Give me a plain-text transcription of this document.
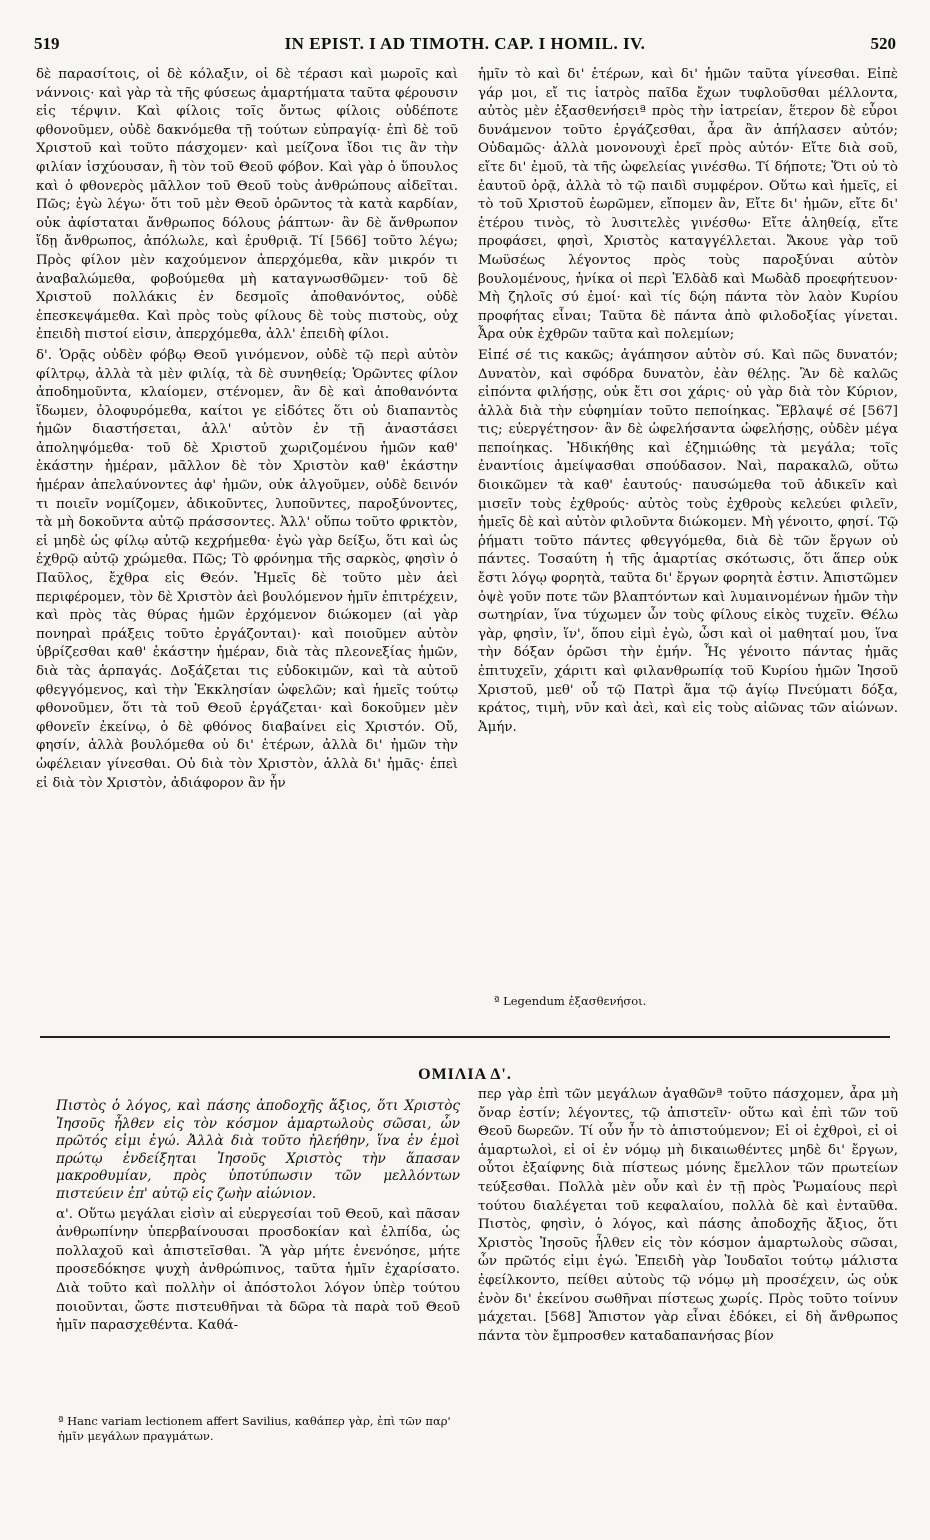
519	IN EPIST. I AD TIMOTH. CAP. I HOMIL. IV.	520

δὲ παρασίτοις, οἱ δὲ κόλαξιν, οἱ δὲ τέρασι καὶ μωροῖς καὶ νάννοις· καὶ γὰρ τὰ τῆς φύσεως ἁμαρτήματα ταῦτα φέρουσιν εἰς τέρψιν. Καὶ φίλοις τοῖς ὄντως φίλοις οὐδέποτε φθονοῦμεν, οὐδὲ δακνόμεθα τῇ τούτων εὐπραγίᾳ· ἐπὶ δὲ τοῦ Χριστοῦ καὶ τοῦτο πάσχομεν· καὶ μείζονα ἴδοι τις ἂν τὴν φιλίαν ἰσχύουσαν, ἢ τὸν τοῦ Θεοῦ φόβον. Καὶ γὰρ ὁ ὕπουλος καὶ ὁ φθονερὸς μᾶλλον τοῦ Θεοῦ τοὺς ἀνθρώπους αἰδεῖται. Πῶς; ἐγὼ λέγω· ὅτι τοῦ μὲν Θεοῦ ὁρῶντος τὰ κατὰ καρδίαν, οὐκ ἀφίσταται ἄνθρωπος δόλους ῥάπτων· ἂν δὲ ἄνθρωπον ἴδῃ ἄνθρωπος, ἀπόλωλε, καὶ ἐρυθριᾷ. Τί [566] τοῦτο λέγω; Πρὸς φίλον μὲν καχούμενον ἀπερχόμεθα, κἂν μικρόν τι ἀναβαλώμεθα, φοβούμεθα μὴ καταγνωσθῶμεν· τοῦ δὲ Χριστοῦ πολλάκις ἐν δεσμοῖς ἀποθανόντος, οὐδὲ ἐπεσκεψάμεθα. Καὶ πρὸς τοὺς φίλους δὲ τοὺς πιστοὺς, οὐχ ἐπειδὴ πιστοί εἰσιν, ἀπερχόμεθα, ἀλλ' ἐπειδὴ φίλοι.

δ'. Ὁρᾷς οὐδὲν φόβῳ Θεοῦ γινόμενον, οὐδὲ τῷ περὶ αὐτὸν φίλτρῳ, ἀλλὰ τὰ μὲν φιλίᾳ, τὰ δὲ συνηθείᾳ; Ὁρῶντες φίλον ἀποδημοῦντα, κλαίομεν, στένομεν, ἂν δὲ καὶ ἀποθανόντα ἴδωμεν, ὀλοφυρόμεθα, καίτοι γε εἰδότες ὅτι οὐ διαπαντὸς ἡμῶν διαστήσεται, ἀλλ' αὐτὸν ἐν τῇ ἀναστάσει ἀποληψόμεθα· τοῦ δὲ Χριστοῦ χωριζομένου ἡμῶν καθ' ἑκάστην ἡμέραν, μᾶλλον δὲ τὸν Χριστὸν καθ' ἑκάστην ἡμέραν ἀπελαύνοντες ἀφ' ἡμῶν, οὐκ ἀλγοῦμεν, οὐδὲ δεινόν τι ποιεῖν νομίζομεν, ἀδικοῦντες, λυποῦντες, παροξύνοντες, τὰ μὴ δοκοῦντα αὐτῷ πράσσοντες. Ἀλλ' οὕπω τοῦτο φρικτὸν, εἰ μηδὲ ὡς φίλῳ αὐτῷ κεχρήμεθα· ἐγὼ γὰρ δείξω, ὅτι καὶ ὡς ἐχθρῷ αὐτῷ χρώμεθα. Πῶς; Τὸ φρόνημα τῆς σαρκὸς, φησὶν ὁ Παῦλος, ἔχθρα εἰς Θεόν. Ἡμεῖς δὲ τοῦτο μὲν ἀεὶ περιφέρομεν, τὸν δὲ Χριστὸν ἀεὶ βουλόμενον ἡμῖν ἐπιτρέχειν, καὶ πρὸς τὰς θύρας ἡμῶν ἐρχόμενον διώκομεν (αἱ γὰρ πονηραὶ πράξεις τοῦτο ἐργάζονται)· καὶ ποιοῦμεν αὐτὸν ὑβρίζεσθαι καθ' ἑκάστην ἡμέραν, διὰ τὰς πλεονεξίας ἡμῶν, διὰ τὰς ἁρπαγάς. Δοξάζεται τις εὐδοκιμῶν, καὶ τὰ αὐτοῦ φθεγγόμενος, καὶ τὴν Ἐκκλησίαν ὠφελῶν; καὶ ἡμεῖς τούτῳ φθονοῦμεν, ὅτι τὰ τοῦ Θεοῦ ἐργάζεται· καὶ δοκοῦμεν μὲν φθονεῖν ἐκείνῳ, ὁ δὲ φθόνος διαβαίνει εἰς Χριστόν. Οὔ, φησίν, ἀλλὰ βουλόμεθα οὐ δι' ἑτέρων, ἀλλὰ δι' ἡμῶν τὴν ὠφέλειαν γίνεσθαι. Οὐ διὰ τὸν Χριστὸν, ἀλλὰ δι' ἡμᾶς· ἐπεὶ εἰ διὰ τὸν Χριστὸν, ἀδιάφορον ἂν ἦν

ἡμῖν τὸ καὶ δι' ἑτέρων, καὶ δι' ἡμῶν ταῦτα γίνεσθαι. Εἰπὲ γάρ μοι, εἴ τις ἰατρὸς παῖδα ἔχων τυφλοῦσθαι μέλλοντα, αὐτὸς μὲν ἐξασθενήσειª πρὸς τὴν ἰατρείαν, ἕτερον δὲ εὗροι δυνάμενον τοῦτο ἐργάζεσθαι, ἆρα ἂν ἀπήλασεν αὐτόν; Οὐδαμῶς· ἀλλὰ μονονουχὶ ἐρεῖ πρὸς αὐτόν· Εἴτε διὰ σοῦ, εἴτε δι' ἐμοῦ, τὰ τῆς ὠφελείας γινέσθω. Τί δήποτε; Ὅτι οὐ τὸ ἑαυτοῦ ὁρᾷ, ἀλλὰ τὸ τῷ παιδὶ συμφέρον. Οὕτω καὶ ἡμεῖς, εἰ τὸ τοῦ Χριστοῦ ἑωρῶμεν, εἴπομεν ἂν, Εἴτε δι' ἡμῶν, εἴτε δι' ἑτέρου τινὸς, τὸ λυσιτελὲς γινέσθω· Εἴτε ἀληθείᾳ, εἴτε προφάσει, φησὶ, Χριστὸς καταγγέλλεται. Ἄκουε γὰρ τοῦ Μωϋσέως λέγοντος πρὸς τοὺς παροξύναι αὐτὸν βουλομένους, ἡνίκα οἱ περὶ Ἐλδὰδ καὶ Μωδὰδ προεφήτευον· Μὴ ζηλοῖς σύ ἐμοί· καὶ τίς δῴη πάντα τὸν λαὸν Κυρίου προφήτας εἶναι; Ταῦτα δὲ πάντα ἀπὸ φιλοδοξίας γίνεται. Ἆρα οὐκ ἐχθρῶν ταῦτα καὶ πολεμίων;

Εἰπέ σέ τις κακῶς; ἀγάπησον αὐτὸν σύ. Καὶ πῶς δυνατόν; Δυνατὸν, καὶ σφόδρα δυνατὸν, ἐὰν θέλῃς. Ἂν δὲ καλῶς εἰπόντα φιλήσῃς, οὐκ ἔτι σοι χάρις· οὐ γὰρ διὰ τὸν Κύριον, ἀλλὰ διὰ τὴν εὐφημίαν τοῦτο πεποίηκας. Ἔβλαψέ σέ [567] τις; εὐεργέτησον· ἂν δὲ ὠφελήσαντα ὠφελήσῃς, οὐδὲν μέγα πεποίηκας. Ἠδικήθης καὶ ἐζημιώθης τὰ μεγάλα; τοῖς ἐναντίοις ἀμείψασθαι σπούδασον. Ναὶ, παρακαλῶ, οὕτω διοικῶμεν τὰ καθ' ἑαυτούς· παυσώμεθα τοῦ ἀδικεῖν καὶ μισεῖν τοὺς ἐχθρούς· αὐτὸς τοὺς ἐχθροὺς κελεύει φιλεῖν, ἡμεῖς δὲ καὶ αὐτὸν φιλοῦντα διώκομεν. Μὴ γένοιτο, φησί. Τῷ ῥήματι τοῦτο πάντες φθεγγόμεθα, διὰ δὲ τῶν ἔργων οὐ πάντες. Τοσαύτη ἡ τῆς ἁμαρτίας σκότωσις, ὅτι ἅπερ οὐκ ἔστι λόγῳ φορητὰ, ταῦτα δι' ἔργων φορητὰ ἐστιν. Ἀπιστῶμεν ὀψὲ γοῦν ποτε τῶν βλαπτόντων καὶ λυμαινομένων ἡμῶν τὴν σωτηρίαν, ἵνα τύχωμεν ὧν τοὺς φίλους εἰκὸς τυχεῖν. Θέλω γὰρ, φησὶν, ἵν', ὅπου εἰμὶ ἐγὼ, ὦσι καὶ οἱ μαθηταί μου, ἵνα τὴν δόξαν ὁρῶσι τὴν ἐμήν. Ἧς γένοιτο πάντας ἡμᾶς ἐπιτυχεῖν, χάριτι καὶ φιλανθρωπίᾳ τοῦ Κυρίου ἡμῶν Ἰησοῦ Χριστοῦ, μεθ' οὗ τῷ Πατρὶ ἅμα τῷ ἁγίῳ Πνεύματι δόξα, κράτος, τιμὴ, νῦν καὶ ἀεὶ, καὶ εἰς τοὺς αἰῶνας τῶν αἰώνων. Ἀμήν.

ª Legendum ἐξασθενήσοι.
ΟΜΙΛΙΑ Δ'.

Πιστὸς ὁ λόγος, καὶ πάσης ἀποδοχῆς ἄξιος, ὅτι Χριστὸς Ἰησοῦς ἦλθεν εἰς τὸν κόσμον ἁμαρτωλοὺς σῶσαι, ὧν πρῶτός εἰμι ἐγώ. Ἀλλὰ διὰ τοῦτο ἠλεήθην, ἵνα ἐν ἐμοὶ πρώτῳ ἐνδείξηται Ἰησοῦς Χριστὸς τὴν ἅπασαν μακροθυμίαν, πρὸς ὑποτύπωσιν τῶν μελλόντων πιστεύειν ἐπ' αὐτῷ εἰς ζωὴν αἰώνιον.

α'. Οὕτω μεγάλαι εἰσὶν αἱ εὐεργεσίαι τοῦ Θεοῦ, καὶ πᾶσαν ἀνθρωπίνην ὑπερβαίνουσαι προσδοκίαν καὶ ἐλπίδα, ὡς πολλαχοῦ καὶ ἀπιστεῖσθαι. Ἃ γὰρ μήτε ἐνενόησε, μήτε προσεδόκησε ψυχὴ ἀνθρώπινος, ταῦτα ἡμῖν ἐχαρίσατο. Διὰ τοῦτο καὶ πολλὴν οἱ ἀπόστολοι λόγον ὑπὲρ τούτου ποιοῦνται, ὥστε πιστευθῆναι τὰ δῶρα τὰ παρὰ τοῦ Θεοῦ ἡμῖν παρασχεθέντα. Καθά-

ª Hanc variam lectionem affert Savilius, καθάπερ γὰρ, ἐπὶ τῶν παρ' ἡμῖν μεγάλων πραγμάτων.

περ γὰρ ἐπὶ τῶν μεγάλων ἀγαθῶνª τοῦτο πάσχομεν, ἆρα μὴ ὄναρ ἐστίν; λέγοντες, τῷ ἀπιστεῖν· οὕτω καὶ ἐπὶ τῶν τοῦ Θεοῦ δωρεῶν. Τί οὖν ἦν τὸ ἀπιστούμενον; Εἰ οἱ ἐχθροὶ, εἰ οἱ ἁμαρτωλοὶ, εἰ οἱ ἐν νόμῳ μὴ δικαιωθέντες μηδὲ δι' ἔργων, οὗτοι ἐξαίφνης διὰ πίστεως μόνης ἔμελλον τῶν πρωτείων τεύξεσθαι. Πολλὰ μὲν οὖν καὶ ἐν τῇ πρὸς Ῥωμαίους περὶ τούτου διαλέγεται τοῦ κεφαλαίου, πολλὰ δὲ καὶ ἐνταῦθα. Πιστὸς, φησὶν, ὁ λόγος, καὶ πάσης ἀποδοχῆς ἄξιος, ὅτι Χριστὸς Ἰησοῦς ἦλθεν εἰς τὸν κόσμον ἁμαρτωλοὺς σῶσαι, ὧν πρῶτός εἰμι ἐγώ. Ἐπειδὴ γὰρ Ἰουδαῖοι τούτῳ μάλιστα ἐφείλκοντο, πείθει αὐτοὺς τῷ νόμῳ μὴ προσέχειν, ὡς οὐκ ἐνὸν δι' ἐκείνου σωθῆναι πίστεως χωρίς. Πρὸς τοῦτο τοίνυν μάχεται. [568] Ἄπιστον γὰρ εἶναι ἐδόκει, εἰ δὴ ἄνθρωπος πάντα τὸν ἔμπροσθεν καταδαπανήσας βίον
